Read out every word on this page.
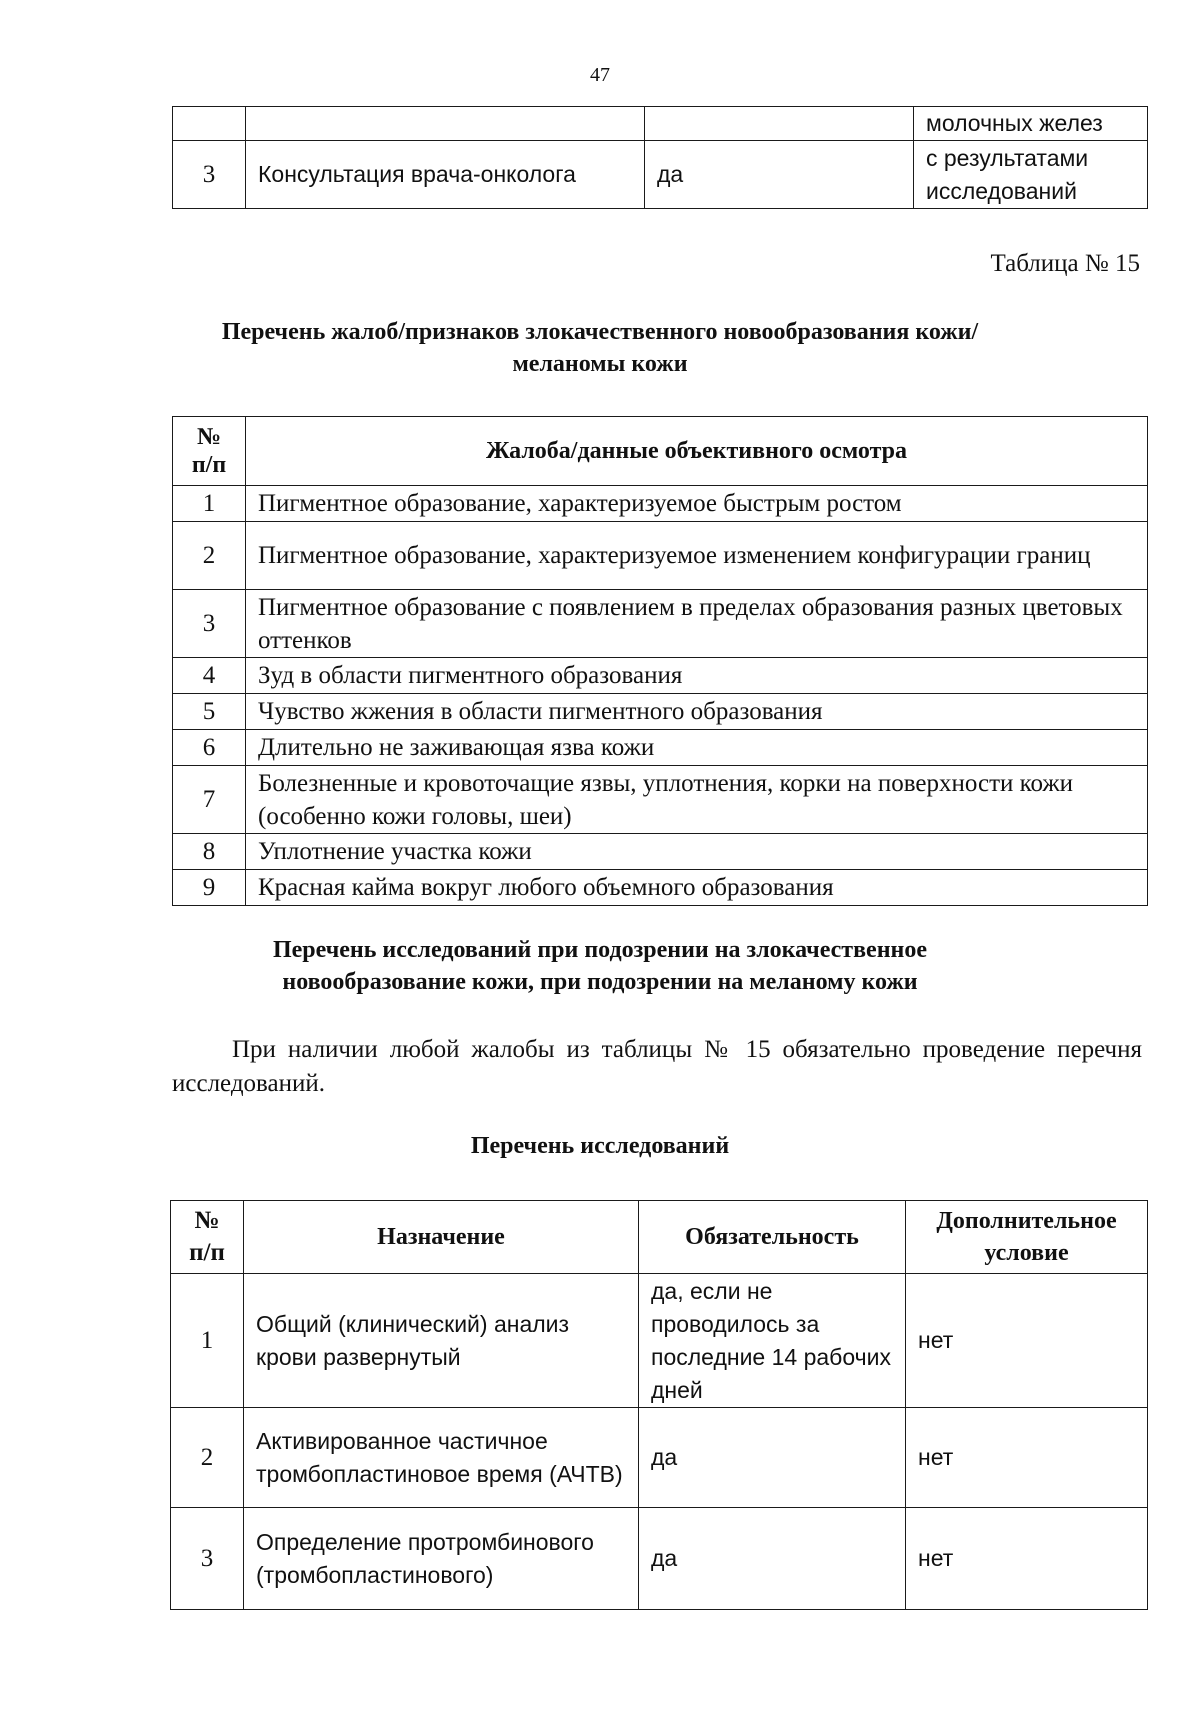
47
			молочных желез
3	Консультация врача-онколога	да	с результатами исследований
Таблица № 15
Перечень жалоб/признаков злокачественного новообразования кожи/меланомы кожи
№ п/п	Жалоба/данные объективного осмотра
1	Пигментное образование, характеризуемое быстрым ростом
2	Пигментное образование, характеризуемое изменением конфигурации границ
3	Пигментное образование с появлением в пределах образования разных цветовых оттенков
4	Зуд в области пигментного образования
5	Чувство жжения в области пигментного образования
6	Длительно не заживающая язва кожи
7	Болезненные и кровоточащие язвы, уплотнения, корки на поверхности кожи (особенно кожи головы, шеи)
8	Уплотнение участка кожи
9	Красная кайма вокруг любого объемного образования
Перечень исследований при подозрении на злокачественное новообразование кожи, при подозрении на меланому кожи
При наличии любой жалобы из таблицы № 15 обязательно проведение перечня исследований.
Перечень исследований
№ п/п	Назначение	Обязательность	Дополнительное условие
1	Общий (клинический) анализ крови развернутый	да, если не проводилось за последние 14 рабочих дней	нет
2	Активированное частичное тромбопластиновое время (АЧТВ)	да	нет
3	Определение протромбинового (тромбопластинового)	да	нет
